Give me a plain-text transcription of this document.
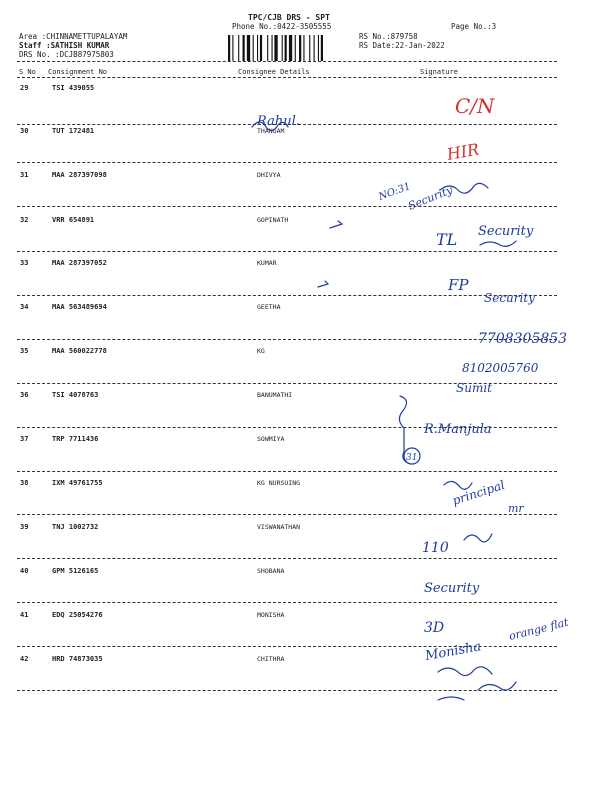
TPC/CJB DRS - SPT
Phone No.:0422-3505555	Page No.:3
Area :CHINNAMETTUPALAYAM
Staff :SATHISH KUMAR
DRS No. :DCJB87975803
RS No.:879758
RS Date:22-Jan-2022
S No Consignment No	Consignee Details	Signature
29	TSI 439055
30	TUT 172481	THANGAM
31	MAA 287397098	DHIVYA
32	VRR 654891	GOPINATH
33	MAA 287397052	KUMAR
34	MAA 563489694	GEETHA
35	MAA 560022778	KG
36	TSI 4078763	BANUMATHI
37	TRP 7711436	SOWMIYA
38	IXM 49761755	KG NURSUING
39	TNJ 1002732	VISWANATHAN
40	GPM 5126165	SHOBANA
41	EDQ 25054276	MONISHA
42	HRD 74873035	CHITHRA
Rahul.
NO:31
Security
TL Security
FP
Security
7708305853
8102005760
Sumit
R.Manjula
31
principal
mr
110
Security
3D
Monisha
orange flat
C/N
HIR
